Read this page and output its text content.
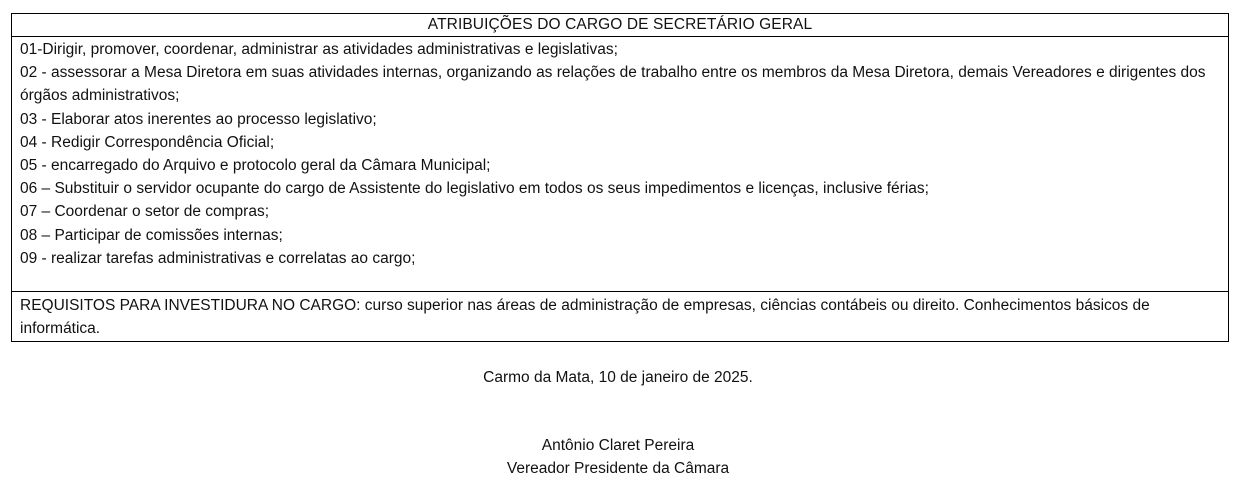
ATRIBUIÇÕES DO CARGO DE SECRETÁRIO GERAL

01-Dirigir, promover, coordenar, administrar as atividades administrativas e legislativas;

02 - assessorar a Mesa Diretora em suas atividades internas, organizando as relações de trabalho entre os membros da Mesa Diretora, demais Vereadores e dirigentes dos órgãos administrativos;

03 - Elaborar atos inerentes ao processo legislativo;

04 - Redigir Correspondência Oficial;

05 - encarregado do Arquivo e protocolo geral da Câmara Municipal;

06 – Substituir o servidor ocupante do cargo de Assistente do legislativo em todos os seus impedimentos e licenças, inclusive férias;

07 – Coordenar o setor de compras;

08 – Participar de comissões internas;

09 - realizar tarefas administrativas e correlatas ao cargo;

REQUISITOS PARA INVESTIDURA NO CARGO: curso superior nas áreas de administração de empresas, ciências contábeis ou direito. Conhecimentos básicos de informática.
Carmo da Mata, 10 de janeiro de 2025.
Antônio Claret Pereira
Vereador Presidente da Câmara
